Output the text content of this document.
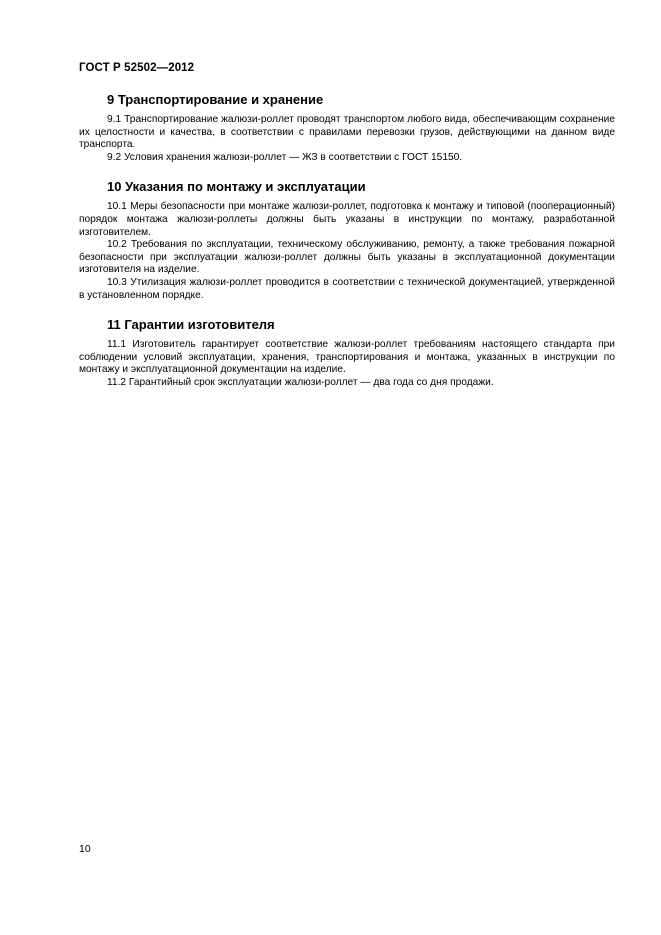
ГОСТ Р 52502—2012
9 Транспортирование и хранение

9.1 Транспортирование жалюзи-роллет проводят транспортом любого вида, обеспечивающим сохранение их целостности и качества, в соответствии с правилами перевозки грузов, действующими на данном виде транспорта.

9.2 Условия хранения жалюзи-роллет — ЖЗ в соответствии с ГОСТ 15150.

10 Указания по монтажу и эксплуатации

10.1 Меры безопасности при монтаже жалюзи-роллет, подготовка к монтажу и типовой (пооперационный) порядок монтажа жалюзи-роллеты должны быть указаны в инструкции по монтажу, разработанной изготовителем.

10.2 Требования по эксплуатации, техническому обслуживанию, ремонту, а также требования пожарной безопасности при эксплуатации жалюзи-роллет должны быть указаны в эксплуатационной документации изготовителя на изделие.

10.3 Утилизация жалюзи-роллет проводится в соответствии с технической документацией, утвержденной в установленном порядке.

11 Гарантии изготовителя

11.1 Изготовитель гарантирует соответствие жалюзи-роллет требованиям настоящего стандарта при соблюдении условий эксплуатации, хранения, транспортирования и монтажа, указанных в инструкции по монтажу и эксплуатационной документации на изделие.

11.2 Гарантийный срок эксплуатации жалюзи-роллет — два года со дня продажи.

10
